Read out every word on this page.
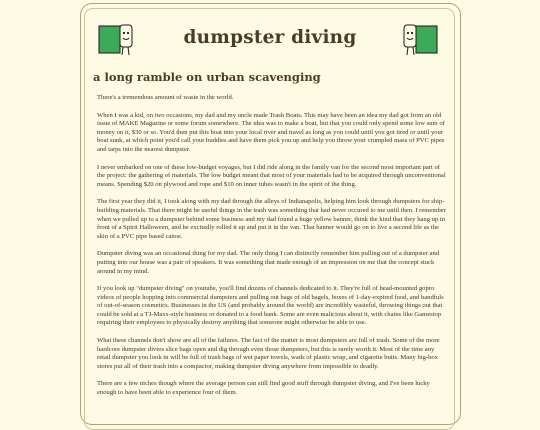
dumpster diving
a long ramble on urban scavenging

There's a tremendous amount of waste in the world.

When I was a kid, on two occasions, my dad and my uncle made Trash Boats. This may have been an idea my dad got from an old issue of MAKE Magazine or some forum somewhere. The idea was to make a boat, but that you could only spend some low sum of money on it, $30 or so. You'd then put this boat into your local river and travel as long as you could until you got tired or until your boat sunk, at which point you'd call your buddies and have them pick you up and help you throw your crumpled mass of PVC pipes and tarps into the nearest dumpster.

I never embarked on one of these low-budget voyages, but I did ride along in the family van for the second most important part of the project: the gathering of materials. The low budget meant that most of your materials had to be acquired through unconventional means. Spending $20 on plywood and rope and $10 on inner tubes wasn't in the spirit of the thing.

The first year they did it, I took along with my dad through the alleys of Indianapolis, helping him look through dumpsters for ship-building materials. That there might be useful things in the trash was something that had never occured to me until then. I remember when we pulled up to a dumpster behind some business and my dad found a huge yellow banner, think the kind that they hang up in front of a Spirit Halloween, and he excitedly rolled it up and put it in the van. That banner would go on to live a second life as the skin of a PVC pipe based canoe.

Dumpster diving was an occasional thing for my dad. The only thing I can distinctly remember him pulling out of a dumpster and putting into our house was a pair of speakers. It was something that made enough of an impression on me that the concept stuck around in my mind.

If you look up "dumpster diving" on youtube, you'll find dozens of channels dedicated to it. They're full of head-mounted gopro videos of people hopping into commercial dumpsters and pulling out bags of old bagels, boxes of 1-day-expired food, and handfuls of out-of-season cosmetics. Businesses in the US (and probably around the world) are incredibly wasteful, throwing things out that could be sold at a TJ-Maxx-style business or donated to a food bank. Some are even malicious about it, with chains like Gamestop requiring their employees to physically destroy anything that someone might otherwise be able to use.

What these channels don't show are all of the failures. The fact of the matter is most dumpsters are full of trash. Some of the more hardcore dumpster divers slice bags open and dig through even those dumpsters, but this is rarely worth it. Most of the time any retail dumpster you look in will be full of trash bags of wet paper towels, wads of plastic wrap, and cigarette butts. Many big-box stores put all of their trash into a compactor, making dumpster diving anywhere from impossible to deadly.

There are a few niches though where the average person can still find good stuff through dumpster diving, and I've been lucky enough to have been able to experience four of them.
